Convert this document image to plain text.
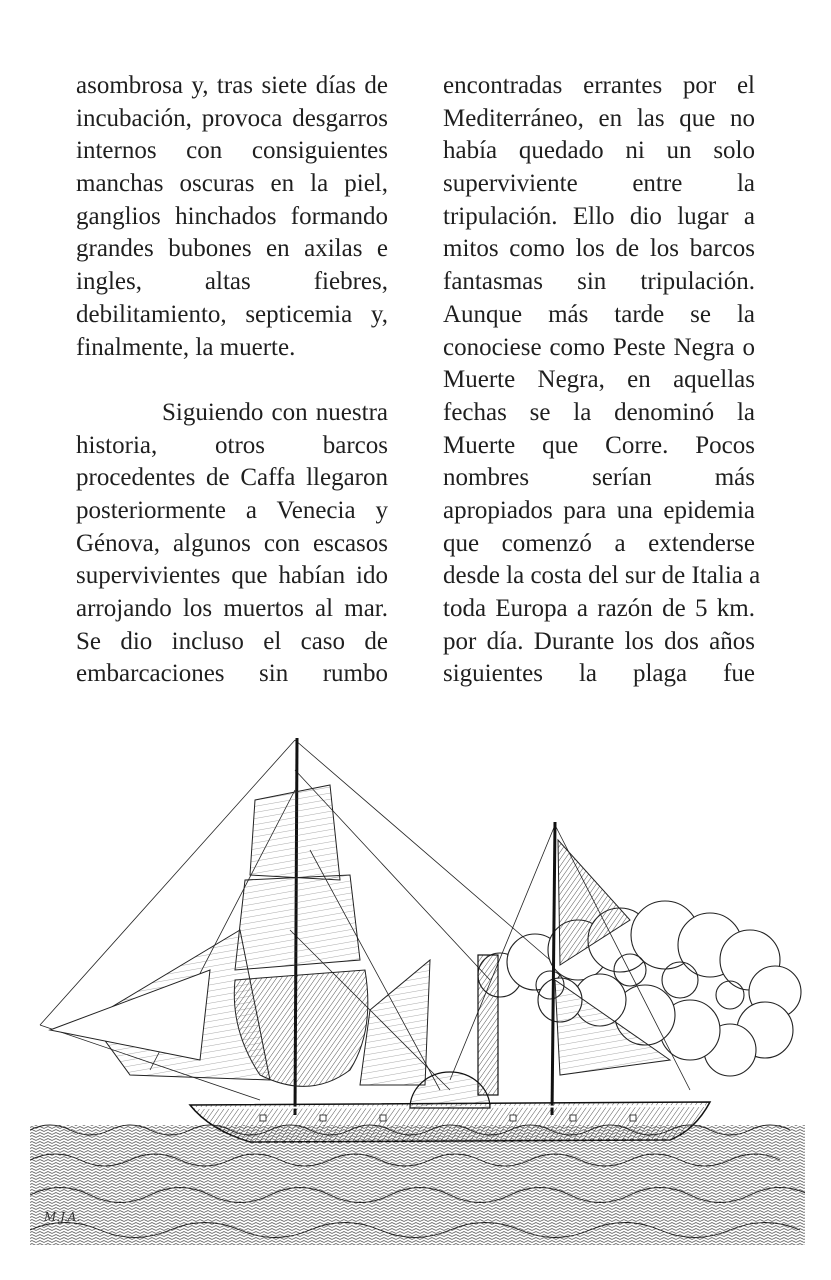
asombrosa y, tras siete días de
incubación, provoca desgarros
internos con consiguientes
manchas oscuras en la piel,
ganglios hinchados formando
grandes bubones en axilas e
ingles, altas fiebres,
debilitamiento, septicemia y,
finalmente, la muerte.
Siguiendo con nuestra
historia, otros barcos
procedentes de Caffa llegaron
posteriormente a Venecia y
Génova, algunos con escasos
supervivientes que habían ido
arrojando los muertos al mar.
Se dio incluso el caso de
embarcaciones sin rumbo
encontradas errantes por el
Mediterráneo, en las que no
había quedado ni un solo
superviviente entre la
tripulación. Ello dio lugar a
mitos como los de los barcos
fantasmas sin tripulación.
Aunque más tarde se la
conociese como Peste Negra o
Muerte Negra, en aquellas
fechas se la denominó la
Muerte que Corre. Pocos
nombres serían más
apropiados para una epidemia
que comenzó a extenderse
desde la costa del sur de Italia a
toda Europa a razón de 5 km.
por día. Durante los dos años
siguientes la plaga fue
M.J.A.
